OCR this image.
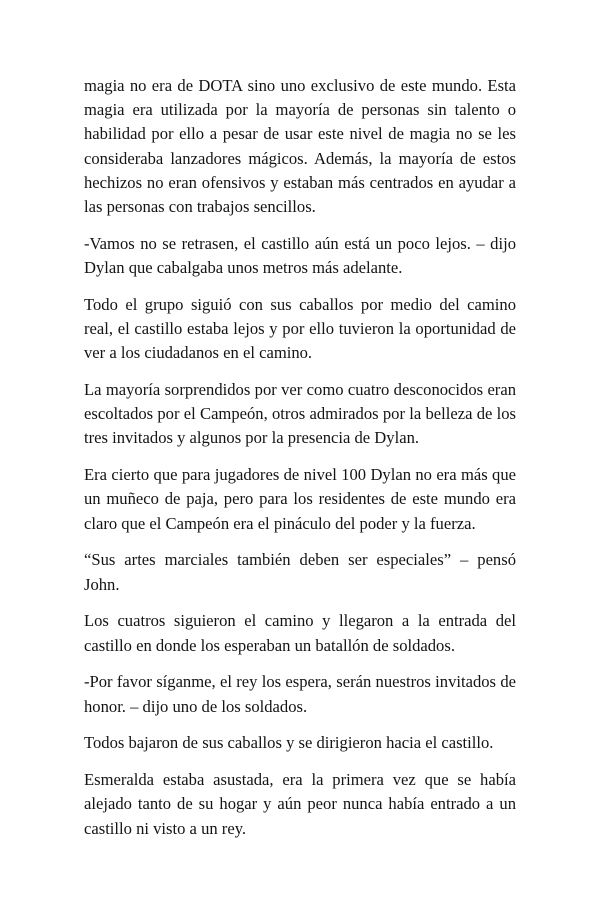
magia no era de DOTA sino uno exclusivo de este mundo. Esta magia era utilizada por la mayoría de personas sin talento o habilidad por ello a pesar de usar este nivel de magia no se les consideraba lanzadores mágicos. Además, la mayoría de estos hechizos no eran ofensivos y estaban más centrados en ayudar a las personas con trabajos sencillos.

-Vamos no se retrasen, el castillo aún está un poco lejos. – dijo Dylan que cabalgaba unos metros más adelante.

Todo el grupo siguió con sus caballos por medio del camino real, el castillo estaba lejos y por ello tuvieron la oportunidad de ver a los ciudadanos en el camino.

La mayoría sorprendidos por ver como cuatro desconocidos eran escoltados por el Campeón, otros admirados por la belleza de los tres invitados y algunos por la presencia de Dylan.

Era cierto que para jugadores de nivel 100 Dylan no era más que un muñeco de paja, pero para los residentes de este mundo era claro que el Campeón era el pináculo del poder y la fuerza.

“Sus artes marciales también deben ser especiales” – pensó John.

Los cuatros siguieron el camino y llegaron a la entrada del castillo en donde los esperaban un batallón de soldados.

-Por favor síganme, el rey los espera, serán nuestros invitados de honor. – dijo uno de los soldados.

Todos bajaron de sus caballos y se dirigieron hacia el castillo.

Esmeralda estaba asustada, era la primera vez que se había alejado tanto de su hogar y aún peor nunca había entrado a un castillo ni visto a un rey.
